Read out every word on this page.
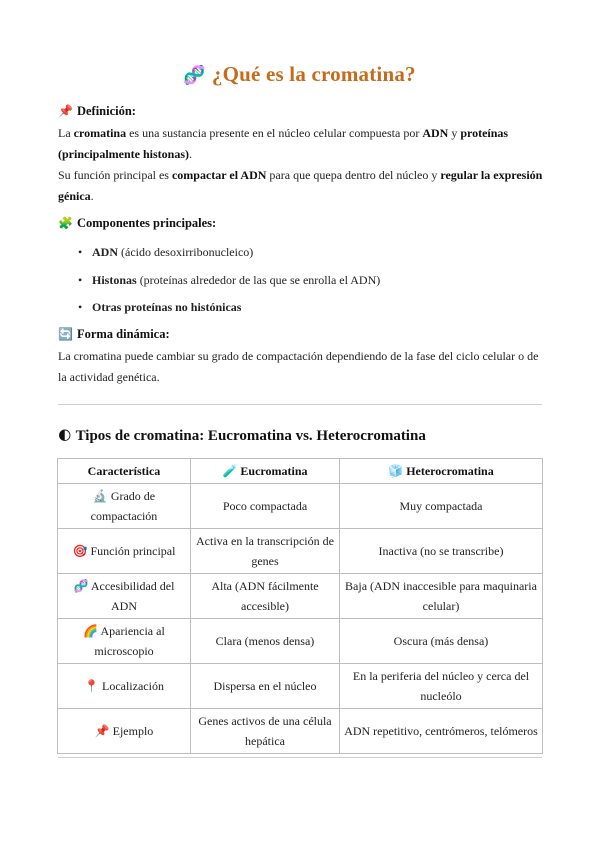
🧬 ¿Qué es la cromatina?
📌 Definición:
La cromatina es una sustancia presente en el núcleo celular compuesta por ADN y proteínas (principalmente histonas).
Su función principal es compactar el ADN para que quepa dentro del núcleo y regular la expresión génica.
🧩 Componentes principales:
• ADN (ácido desoxirribonucleico)
• Histonas (proteínas alrededor de las que se enrolla el ADN)
• Otras proteínas no histónicas
🔄 Forma dinámica:
La cromatina puede cambiar su grado de compactación dependiendo de la fase del ciclo celular o de la actividad genética.
🌓 Tipos de cromatina: Eucromatina vs. Heterocromatina
Característica	🧪 Eucromatina	🧊 Heterocromatina
🔬 Grado de compactación	Poco compactada	Muy compactada
🎯 Función principal	Activa en la transcripción de genes	Inactiva (no se transcribe)
🧬 Accesibilidad del ADN	Alta (ADN fácilmente accesible)	Baja (ADN inaccesible para maquinaria celular)
🌈 Apariencia al microscopio	Clara (menos densa)	Oscura (más densa)
📍 Localización	Dispersa en el núcleo	En la periferia del núcleo y cerca del nucleólo
📌 Ejemplo	Genes activos de una célula hepática	ADN repetitivo, centrómeros, telómeros
